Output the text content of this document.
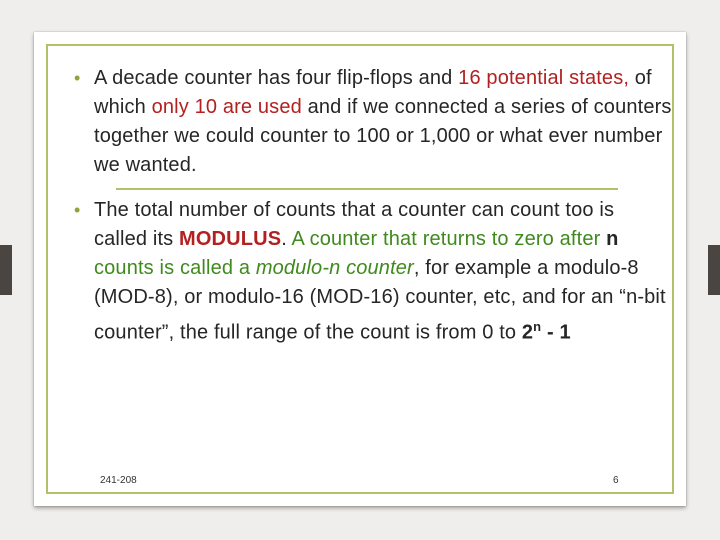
• A decade counter has four flip-flops and 16 potential states, of which only 10 are used and if we connected a series of counters together we could counter to 100 or 1,000 or what ever number we wanted.
• The total number of counts that a counter can count too is called its MODULUS. A counter that returns to zero after n counts is called a modulo-n counter, for example a modulo-8 (MOD-8), or modulo-16 (MOD-16) counter, etc, and for an “n-bit counter”, the full range of the count is from 0 to 2$^n$ - 1
241-208	6
